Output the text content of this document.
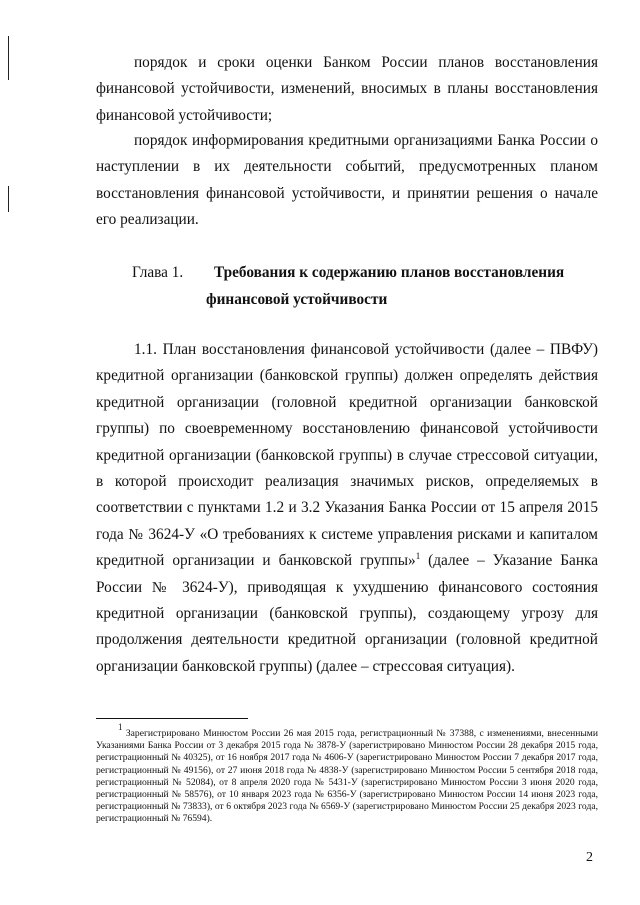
порядок и сроки оценки Банком России планов восстановления финансовой устойчивости, изменений, вносимых в планы восстановления финансовой устойчивости;

порядок информирования кредитными организациями Банка России о наступлении в их деятельности событий, предусмотренных планом восстановления финансовой устойчивости, и принятии решения о начале его реализации.

Глава 1. Требования к содержанию планов восстановления
финансовой устойчивости

1.1. План восстановления финансовой устойчивости (далее – ПВФУ) кредитной организации (банковской группы) должен определять действия кредитной организации (головной кредитной организации банковской группы) по своевременному восстановлению финансовой устойчивости кредитной организации (банковской группы) в случае стрессовой ситуации, в которой происходит реализация значимых рисков, определяемых в соответствии с пунктами 1.2 и 3.2 Указания Банка России от 15 апреля 2015 года № 3624-У «О требованиях к системе управления рисками и капиталом кредитной организации и банковской группы»$^1$ (далее – Указание Банка России № 3624-У), приводящая к ухудшению финансового состояния кредитной организации (банковской группы), создающему угрозу для продолжения деятельности кредитной организации (головной кредитной организации банковской группы) (далее – стрессовая ситуация).

$^1$ Зарегистрировано Минюстом России 26 мая 2015 года, регистрационный № 37388, с изменениями, внесенными Указаниями Банка России от 3 декабря 2015 года № 3878-У (зарегистрировано Минюстом России 28 декабря 2015 года, регистрационный № 40325), от 16 ноября 2017 года № 4606-У (зарегистрировано Минюстом России 7 декабря 2017 года, регистрационный № 49156), от 27 июня 2018 года № 4838-У (зарегистрировано Минюстом России 5 сентября 2018 года, регистрационный № 52084), от 8 апреля 2020 года № 5431-У (зарегистрировано Минюстом России 3 июня 2020 года, регистрационный № 58576), от 10 января 2023 года № 6356-У (зарегистрировано Минюстом России 14 июня 2023 года, регистрационный № 73833), от 6 октября 2023 года № 6569-У (зарегистрировано Минюстом России 25 декабря 2023 года, регистрационный № 76594).

2
